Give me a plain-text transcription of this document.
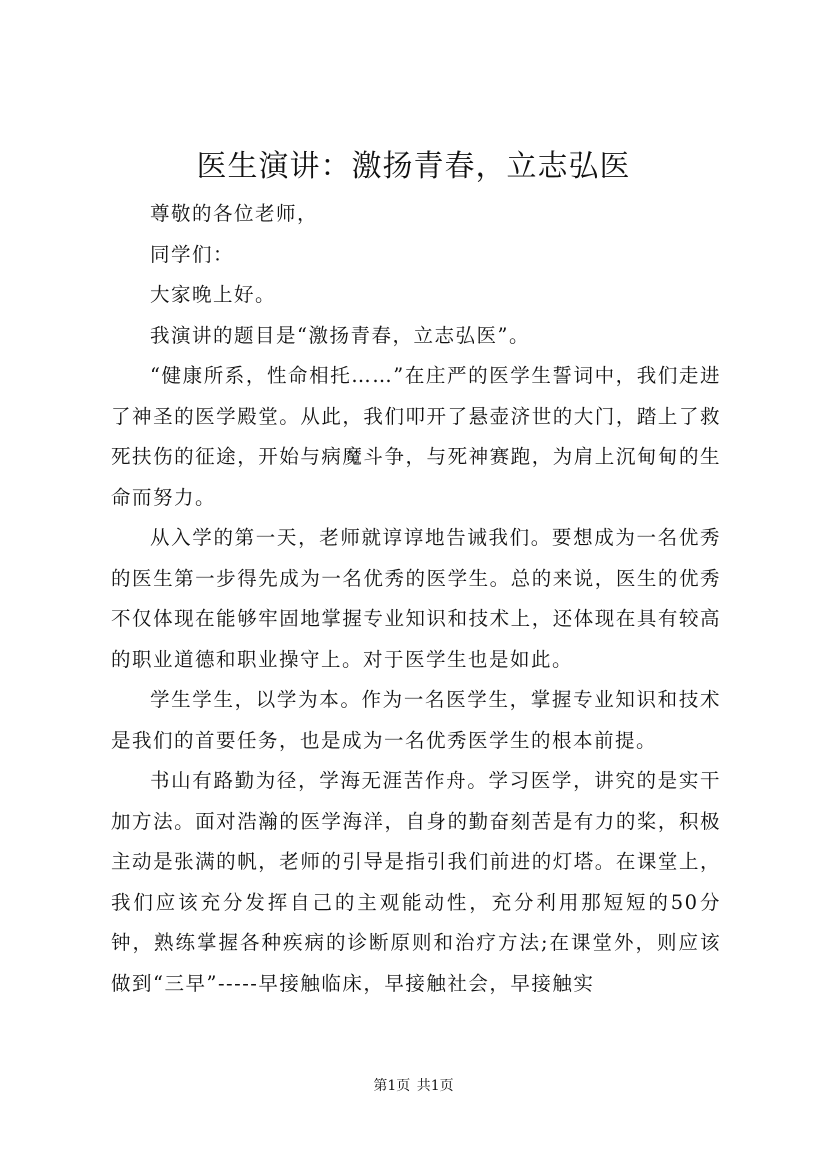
医生演讲：激扬青春，立志弘医

尊敬的各位老师，

同学们：

大家晚上好。

我演讲的题目是“激扬青春，立志弘医”。

“健康所系，性命相托……”在庄严的医学生誓词中，我们走进了神圣的医学殿堂。从此，我们叩开了悬壶济世的大门，踏上了救死扶伤的征途，开始与病魔斗争，与死神赛跑，为肩上沉甸甸的生命而努力。

从入学的第一天，老师就谆谆地告诫我们。要想成为一名优秀的医生第一步得先成为一名优秀的医学生。总的来说，医生的优秀不仅体现在能够牢固地掌握专业知识和技术上，还体现在具有较高的职业道德和职业操守上。对于医学生也是如此。

学生学生，以学为本。作为一名医学生，掌握专业知识和技术是我们的首要任务，也是成为一名优秀医学生的根本前提。

书山有路勤为径，学海无涯苦作舟。学习医学，讲究的是实干加方法。面对浩瀚的医学海洋，自身的勤奋刻苦是有力的桨，积极主动是张满的帆，老师的引导是指引我们前进的灯塔。在课堂上，我们应该充分发挥自己的主观能动性，充分利用那短短的50分钟，熟练掌握各种疾病的诊断原则和治疗方法;在课堂外，则应该做到“三早”-----早接触临床，早接触社会，早接触实

第1页 共1页
